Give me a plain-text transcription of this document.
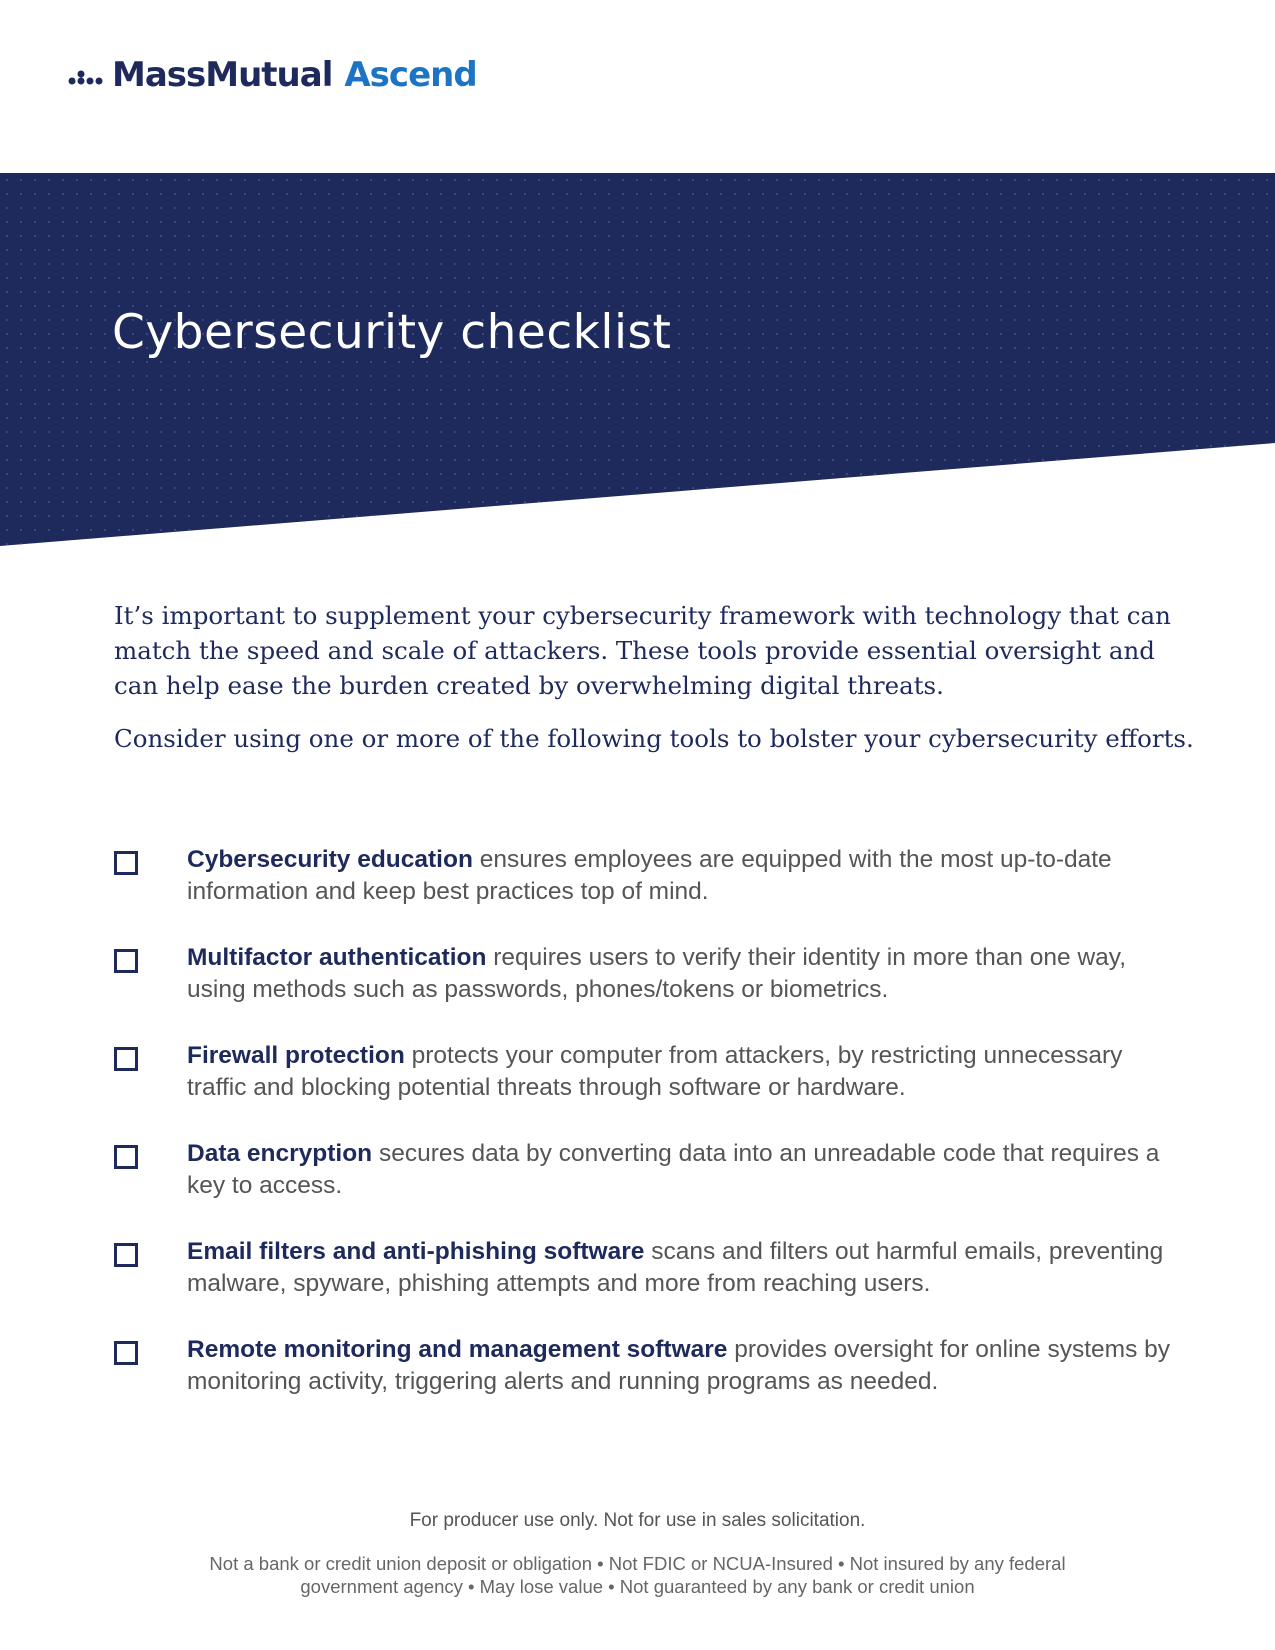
MassMutual Ascend
Cybersecurity checklist

It’s important to supplement your cybersecurity framework with technology that can match the speed and scale of attackers. These tools provide essential oversight and can help ease the burden created by overwhelming digital threats.

Consider using one or more of the following tools to bolster your cybersecurity efforts.

Cybersecurity education ensures employees are equipped with the most up-to-date information and keep best practices top of mind.
Multifactor authentication requires users to verify their identity in more than one way, using methods such as passwords, phones/tokens or biometrics.
Firewall protection protects your computer from attackers, by restricting unnecessary traffic and blocking potential threats through software or hardware.
Data encryption secures data by converting data into an unreadable code that requires a key to access.
Email filters and anti-phishing software scans and filters out harmful emails, preventing malware, spyware, phishing attempts and more from reaching users.
Remote monitoring and management software provides oversight for online systems by monitoring activity, triggering alerts and running programs as needed.
For producer use only. Not for use in sales solicitation.
Not a bank or credit union deposit or obligation • Not FDIC or NCUA-Insured • Not insured by any federal government agency • May lose value • Not guaranteed by any bank or credit union
